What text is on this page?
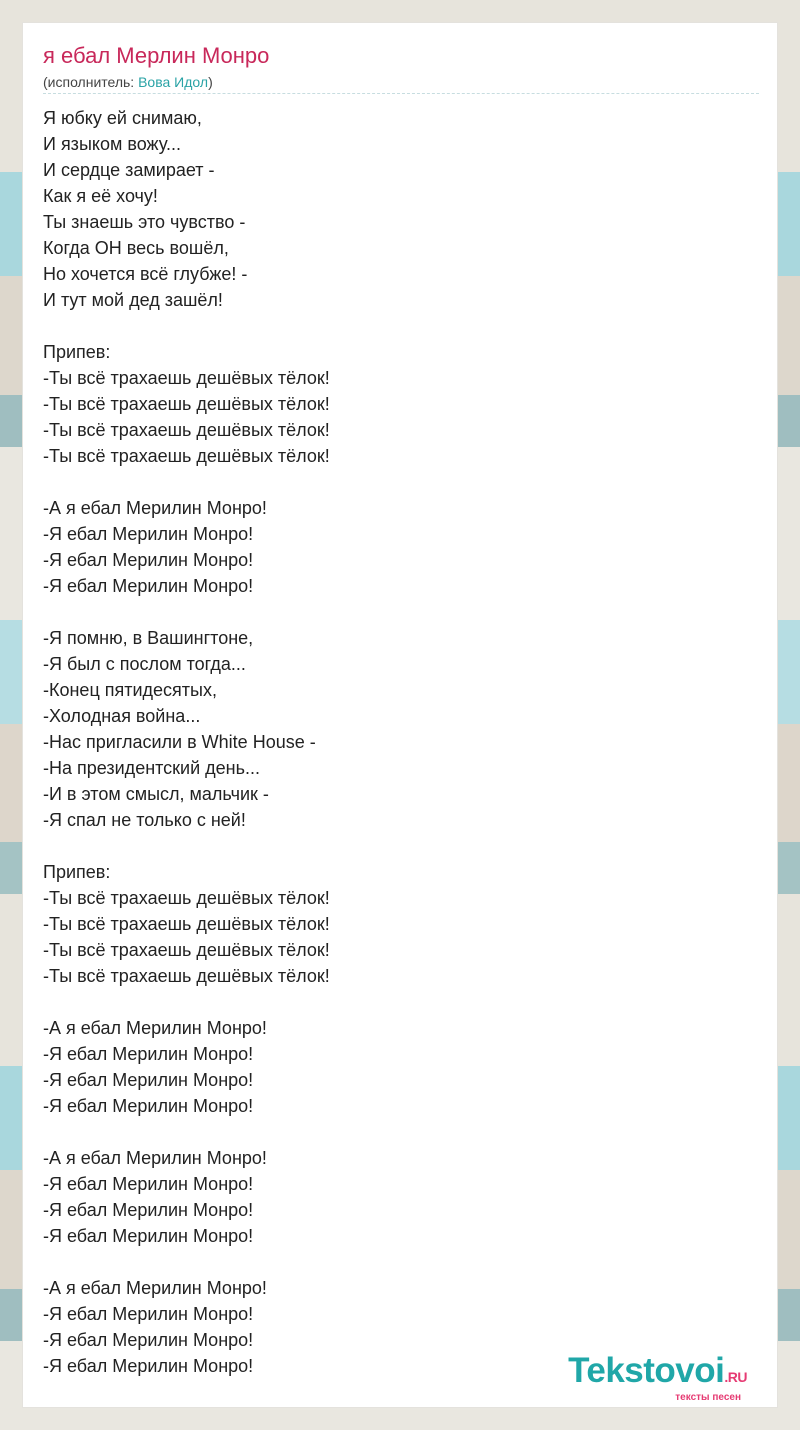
я ебал Мерлин Монро
(исполнитель: Вова Идол)
Я юбку ей снимаю,
И языком вожу...
И сердце замирает -
Как я её хочу!
Ты знаешь это чувство -
Когда ОН весь вошёл,
Но хочется всё глубже! -
И тут мой дед зашёл!
Припев:
-Ты всё трахаешь дешёвых тёлок!
-Ты всё трахаешь дешёвых тёлок!
-Ты всё трахаешь дешёвых тёлок!
-Ты всё трахаешь дешёвых тёлок!
-А я ебал Мерилин Монро!
-Я ебал Мерилин Монро!
-Я ебал Мерилин Монро!
-Я ебал Мерилин Монро!
-Я помню, в Вашингтоне,
-Я был с послом тогда...
-Конец пятидесятых,
-Холодная война...
-Нас пригласили в White House -
-На президентский день...
-И в этом смысл, мальчик -
-Я спал не только с ней!
Припев:
-Ты всё трахаешь дешёвых тёлок!
-Ты всё трахаешь дешёвых тёлок!
-Ты всё трахаешь дешёвых тёлок!
-Ты всё трахаешь дешёвых тёлок!
-А я ебал Мерилин Монро!
-Я ебал Мерилин Монро!
-Я ебал Мерилин Монро!
-Я ебал Мерилин Монро!
-А я ебал Мерилин Монро!
-Я ебал Мерилин Монро!
-Я ебал Мерилин Монро!
-Я ебал Мерилин Монро!
-А я ебал Мерилин Монро!
-Я ебал Мерилин Монро!
-Я ебал Мерилин Монро!
-Я ебал Мерилин Монро!	Tekstovoi.RU
тексты песен
